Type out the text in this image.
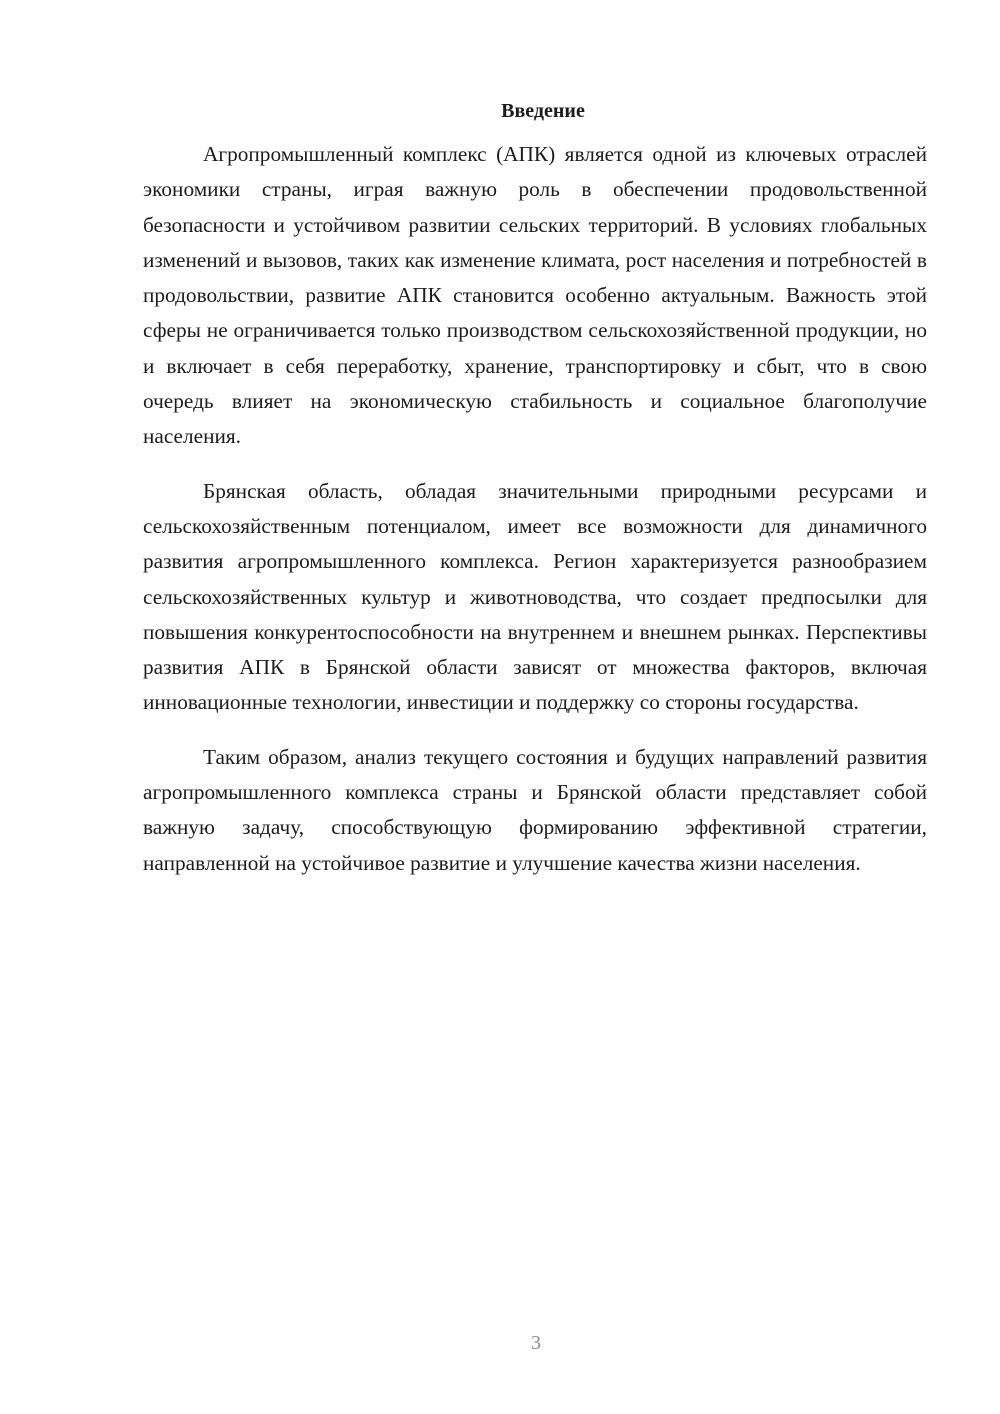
Введение

Агропромышленный комплекс (АПК) является одной из ключевых отраслей экономики страны, играя важную роль в обеспечении продовольственной безопасности и устойчивом развитии сельских территорий. В условиях глобальных изменений и вызовов, таких как изменение климата, рост населения и потребностей в продовольствии, развитие АПК становится особенно актуальным. Важность этой сферы не ограничивается только производством сельскохозяйственной продукции, но и включает в себя переработку, хранение, транспортировку и сбыт, что в свою очередь влияет на экономическую стабильность и социальное благополучие населения.

Брянская область, обладая значительными природными ресурсами и сельскохозяйственным потенциалом, имеет все возможности для динамичного развития агропромышленного комплекса. Регион характеризуется разнообразием сельскохозяйственных культур и животноводства, что создает предпосылки для повышения конкурентоспособности на внутреннем и внешнем рынках. Перспективы развития АПК в Брянской области зависят от множества факторов, включая инновационные технологии, инвестиции и поддержку со стороны государства.

Таким образом, анализ текущего состояния и будущих направлений развития агропромышленного комплекса страны и Брянской области представляет собой важную задачу, способствующую формированию эффективной стратегии, направленной на устойчивое развитие и улучшение качества жизни населения.

3
